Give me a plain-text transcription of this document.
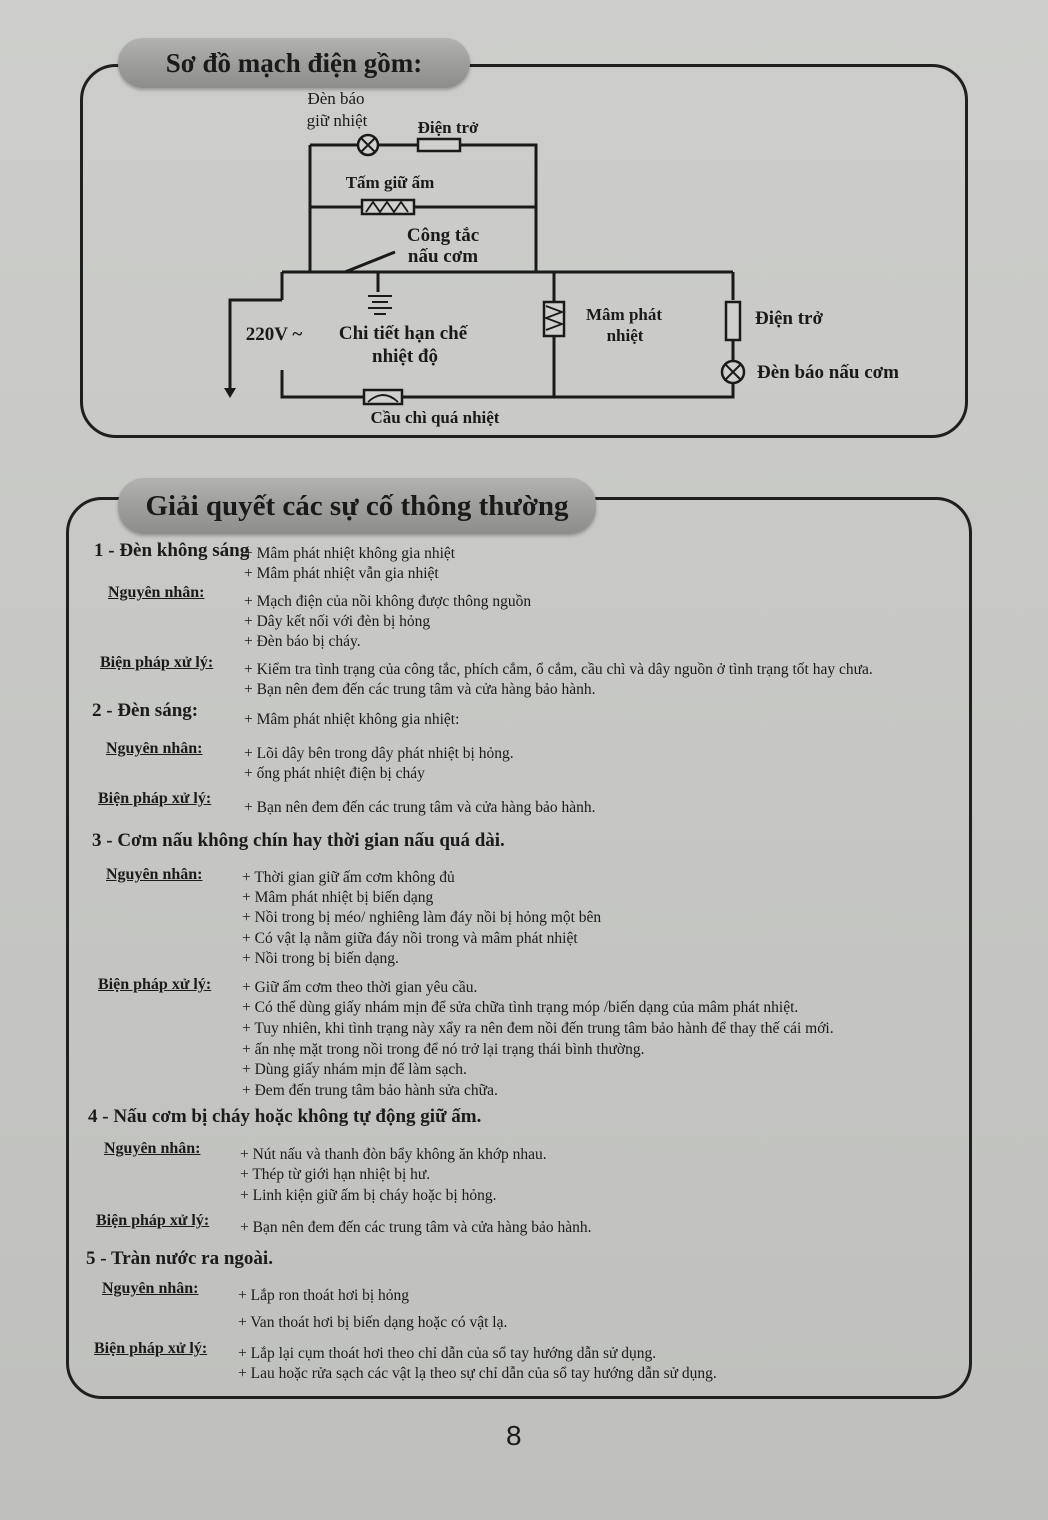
Sơ đồ mạch điện gồm:
Đèn báo
giữ nhiệt	Điện trở
Tấm giữ ấm
Công tắc
nấu cơm
220V ~	Chi tiết hạn chế
nhiệt độ
Mâm phát
nhiệt
Điện trở
Đèn báo nấu cơm
Cầu chì quá nhiệt
Giải quyết các sự cố thông thường
1 - Đèn không sáng
+ Mâm phát nhiệt không gia nhiệt
+ Mâm phát nhiệt vẫn gia nhiệt
Nguyên nhân:
+ Mạch điện của nồi không được thông nguồn
+ Dây kết nối với đèn bị hỏng
+ Đèn báo bị cháy.
Biện pháp xử lý: + Kiểm tra tình trạng của công tắc, phích cắm, ổ cắm, cầu chì và dây nguồn ở tình trạng tốt hay chưa.
+ Bạn nên đem đến các trung tâm và cửa hàng bảo hành.
2 - Đèn sáng:	+ Mâm phát nhiệt không gia nhiệt:
Nguyên nhân:	+ Lõi dây bên trong dây phát nhiệt bị hỏng.
+ ống phát nhiệt điện bị cháy
Biện pháp xử lý:
+ Bạn nên đem đến các trung tâm và cửa hàng bảo hành.
3 - Cơm nấu không chín hay thời gian nấu quá dài.
Nguyên nhân:	+ Thời gian giữ ấm cơm không đủ
+ Mâm phát nhiệt bị biến dạng
+ Nồi trong bị méo/ nghiêng làm đáy nồi bị hỏng một bên
+ Có vật lạ nằm giữa đáy nồi trong và mâm phát nhiệt
+ Nồi trong bị biến dạng.
Biện pháp xử lý: + Giữ ấm cơm theo thời gian yêu cầu.
+ Có thể dùng giấy nhám mịn để sửa chữa tình trạng móp /biến dạng của mâm phát nhiệt.
+ Tuy nhiên, khi tình trạng này xẩy ra nên đem nồi đến trung tâm bảo hành để thay thế cái mới.
+ ấn nhẹ mặt trong nồi trong để nó trở lại trạng thái bình thường.
+ Dùng giấy nhám mịn để làm sạch.
+ Đem đến trung tâm bảo hành sửa chữa.
4 - Nấu cơm bị cháy hoặc không tự động giữ ấm.
Nguyên nhân:	+ Nút nấu và thanh đòn bẩy không ăn khớp nhau.
+ Thép từ giới hạn nhiệt bị hư.
+ Linh kiện giữ ấm bị cháy hoặc bị hỏng.
Biện pháp xử lý: + Bạn nên đem đến các trung tâm và cửa hàng bảo hành.
5 - Tràn nước ra ngoài.
Nguyên nhân:	+ Lắp ron thoát hơi bị hỏng
+ Van thoát hơi bị biến dạng hoặc có vật lạ.
Biện pháp xử lý: + Lắp lại cụm thoát hơi theo chỉ dẫn của sổ tay hướng dẫn sử dụng.
+ Lau hoặc rửa sạch các vật lạ theo sự chỉ dẫn của sổ tay hướng dẫn sử dụng.
8
